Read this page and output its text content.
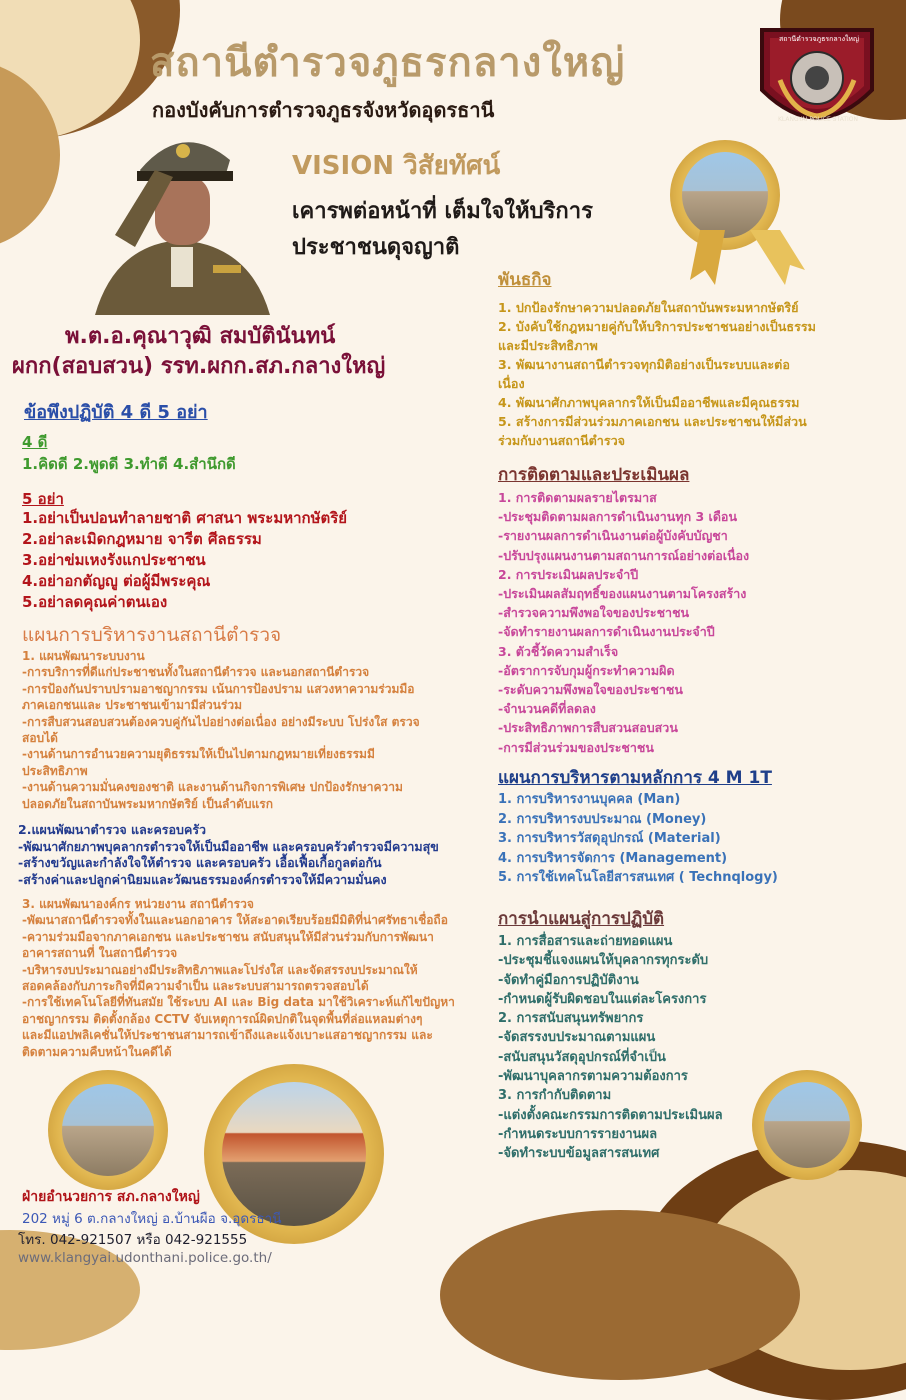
สถานีตำรวจภูธรกลางใหญ่
กองบังคับการตำรวจภูธรจังหวัดอุดรธานี
สถานีตำรวจภูธรกลางใหญ่
KLANGYAI POLICE STATION
VISION วิสัยทัศน์
เคารพต่อหน้าที่ เต็มใจให้บริการ
ประชาชนดุจญาติ
พ.ต.อ.คุณาวุฒิ สมบัตินันทน์
ผกก(สอบสวน) รรท.ผกก.สภ.กลางใหญ่
ข้อพึงปฏิบัติ 4 ดี 5 อย่า
4 ดี
1.คิดดี 2.พูดดี 3.ทำดี 4.สำนึกดี
5 อย่า
1.อย่าเป็นปอนทำลายชาติ ศาสนา พระมหากษัตริย์
2.อย่าละเมิดกฎหมาย จารีต ศีลธรรม
3.อย่าข่มเหงรังแกประชาชน
4.อย่าอกตัญญู ต่อผู้มีพระคุณ
5.อย่าลดคุณค่าตนเอง
แผนการบริหารงานสถานีตำรวจ
1. แผนพัฒนาระบบงาน
-การบริการที่ดีแก่ประชาชนทั้งในสถานีตำรวจ และนอกสถานีตำรวจ
-การป้องกันปราบปรามอาชญากรรม เน้นการป้องปราม แสวงหาความร่วมมือ
ภาคเอกชนและ ประชาชนเข้ามามีส่วนร่วม
-การสืบสวนสอบสวนต้องควบคู่กันไปอย่างต่อเนื่อง อย่างมีระบบ โปร่งใส ตรวจ
สอบได้
-งานด้านการอำนวยความยุติธรรมให้เป็นไปตามกฎหมายเที่ยงธรรมมี
ประสิทธิภาพ
-งานด้านความมั่นคงของชาติ และงานด้านกิจการพิเศษ ปกป้องรักษาความ
ปลอดภัยในสถาบันพระมหากษัตริย์ เป็นลำดับแรก
2.แผนพัฒนาตำรวจ และครอบครัว
-พัฒนาศักยภาพบุคลากรตำรวจให้เป็นมืออาชีพ และครอบครัวตำรวจมีความสุข
-สร้างขวัญและกำลังใจให้ตำรวจ และครอบครัว เอื้อเฟื้อเกื้อกูลต่อกัน
-สร้างค่าและปลูกค่านิยมและวัฒนธรรมองค์กรตำรวจให้มีความมั่นคง
3. แผนพัฒนาองค์กร หน่วยงาน สถานีตำรวจ
-พัฒนาสถานีตำรวจทั้งในและนอกอาคาร ให้สะอาดเรียบร้อยมีมิติที่น่าศรัทธาเชื่อถือ
-ความร่วมมือจากภาคเอกชน และประชาชน สนับสนุนให้มีส่วนร่วมกับการพัฒนา
อาคารสถานที่ ในสถานีตำรวจ
-บริหารงบประมาณอย่างมีประสิทธิภาพและโปร่งใส และจัดสรรงบประมาณให้
สอดคล้องกับภาระกิจที่มีความจำเป็น และระบบสามารถตรวจสอบได้
-การใช้เทคโนโลยีที่ทันสมัย ใช้ระบบ AI และ Big data มาใช้วิเคราะห์แก้ไขปัญหา
อาชญากรรม ติดตั้งกล้อง CCTV จับเหตุการณ์ผิดปกติในจุดพื้นที่ล่อแหลมต่างๆ
และมีแอปพลิเคชั่นให้ประชาชนสามารถเข้าถึงและแจ้งเบาะแสอาชญากรรม และ
ติดตามความคืบหน้าในคดีได้
พันธกิจ
1. ปกป้องรักษาความปลอดภัยในสถาบันพระมหากษัตริย์
2. บังคับใช้กฎหมายคู่กับให้บริการประชาชนอย่างเป็นธรรม
และมีประสิทธิภาพ
3. พัฒนางานสถานีตำรวจทุกมิติอย่างเป็นระบบและต่อ
เนื่อง
4. พัฒนาศักภาพบุคลากรให้เป็นมืออาชีพและมีคุณธรรม
5. สร้างการมีส่วนร่วมภาคเอกชน และประชาชนให้มีส่วน
ร่วมกับงานสถานีตำรวจ
การติดตามและประเมินผล
1. การติดตามผลรายไตรมาส
-ประชุมติดตามผลการดำเนินงานทุก 3 เดือน
-รายงานผลการดำเนินงานต่อผู้บังคับบัญชา
-ปรับปรุงแผนงานตามสถานการณ์อย่างต่อเนื่อง
2. การประเมินผลประจำปี
-ประเมินผลสัมฤทธิ์ของแผนงานตามโครงสร้าง
-สำรวจความพึงพอใจของประชาชน
-จัดทำรายงานผลการดำเนินงานประจำปี
3. ตัวชี้วัดความสำเร็จ
-อัตราการจับกุมผู้กระทำความผิด
-ระดับความพึงพอใจของประชาชน
-จำนวนคดีที่ลดลง
-ประสิทธิภาพการสืบสวนสอบสวน
-การมีส่วนร่วมของประชาชน
แผนการบริหารตามหลักการ 4 M 1T
1. การบริหารงานบุคคล (Man)
2. การบริหารงบประมาณ (Money)
3. การบริหารวัสดุอุปกรณ์ (Material)
4. การบริหารจัดการ (Management)
5. การใช้เทคโนโลยีสารสนเทศ ( Technqlogy)
การนำแผนสู่การปฏิบัติ
1. การสื่อสารและถ่ายทอดแผน
-ประชุมชี้แจงแผนให้บุคลากรทุกระดับ
-จัดทำคู่มือการปฏิบัติงาน
-กำหนดผู้รับผิดชอบในแต่ละโครงการ
2. การสนับสนุนทรัพยากร
-จัดสรรงบประมาณตามแผน
-สนับสนุนวัสดุอุปกรณ์ที่จำเป็น
-พัฒนาบุคลากรตามความต้องการ
3. การกำกับติดตาม
-แต่งตั้งคณะกรรมการติดตามประเมินผล
-กำหนดระบบการรายงานผล
-จัดทำระบบข้อมูลสารสนเทศ
ฝ่ายอำนวยการ สภ.กลางใหญ่
202 หมู่ 6 ต.กลางใหญ่ อ.บ้านผือ จ.อุดรธานี
โทร. 042-921507 หรือ 042-921555
www.klangyai.udonthani.police.go.th/
